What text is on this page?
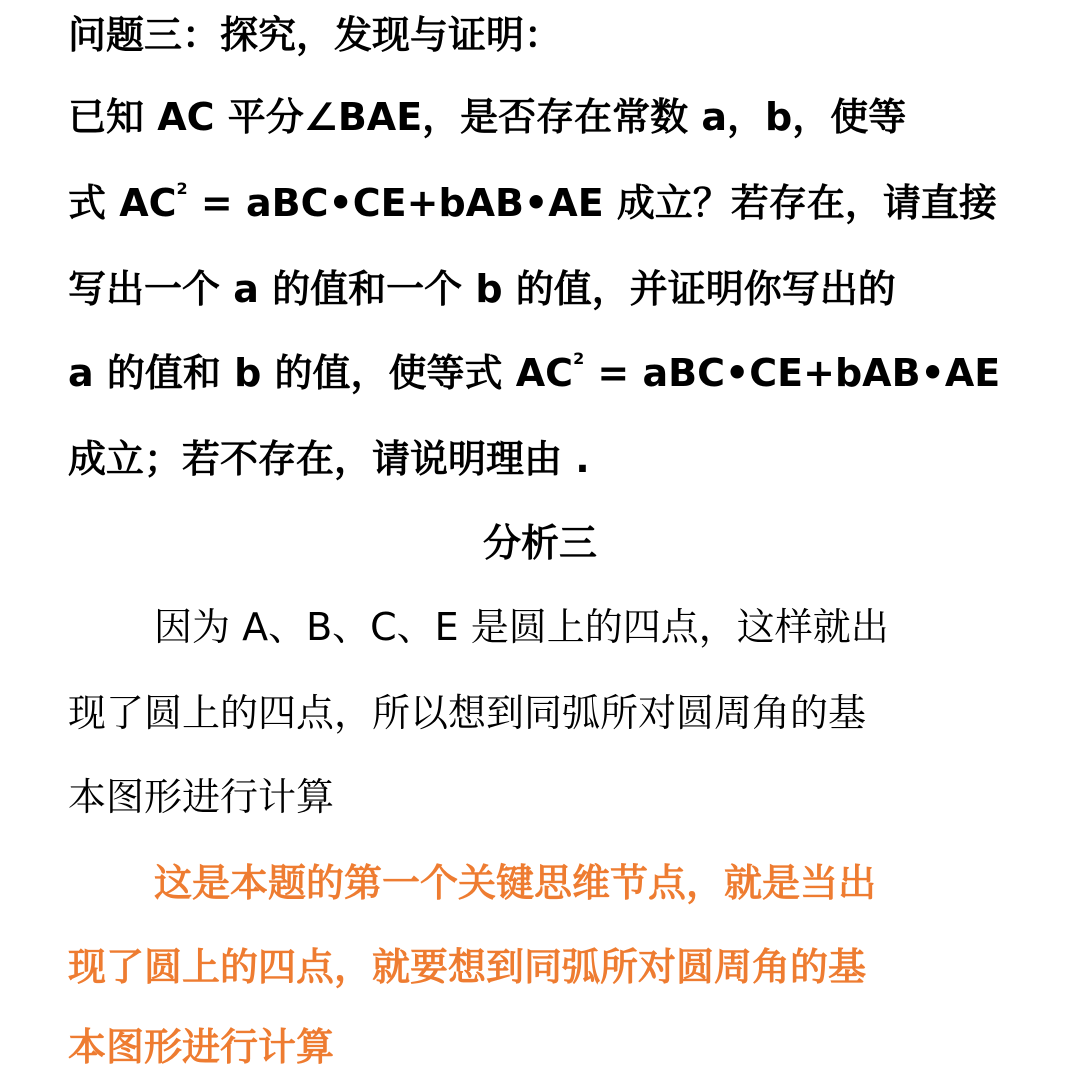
问题三：探究，发现与证明：
已知 AC 平分∠BAE，是否存在常数 a，b，使等
式 $AC^2$ = aBC•CE+bAB•AE 成立？若存在，请直接
写出一个 a 的值和一个 b 的值，并证明你写出的
a 的值和 b 的值，使等式 $AC^2$ = aBC•CE+bAB•AE
成立；若不存在，请说明理由 .
分析三
因为 A、B、C、E 是圆上的四点，这样就出
现了圆上的四点，所以想到同弧所对圆周角的基
本图形进行计算
这是本题的第一个关键思维节点，就是当出
现了圆上的四点，就要想到同弧所对圆周角的基
本图形进行计算
